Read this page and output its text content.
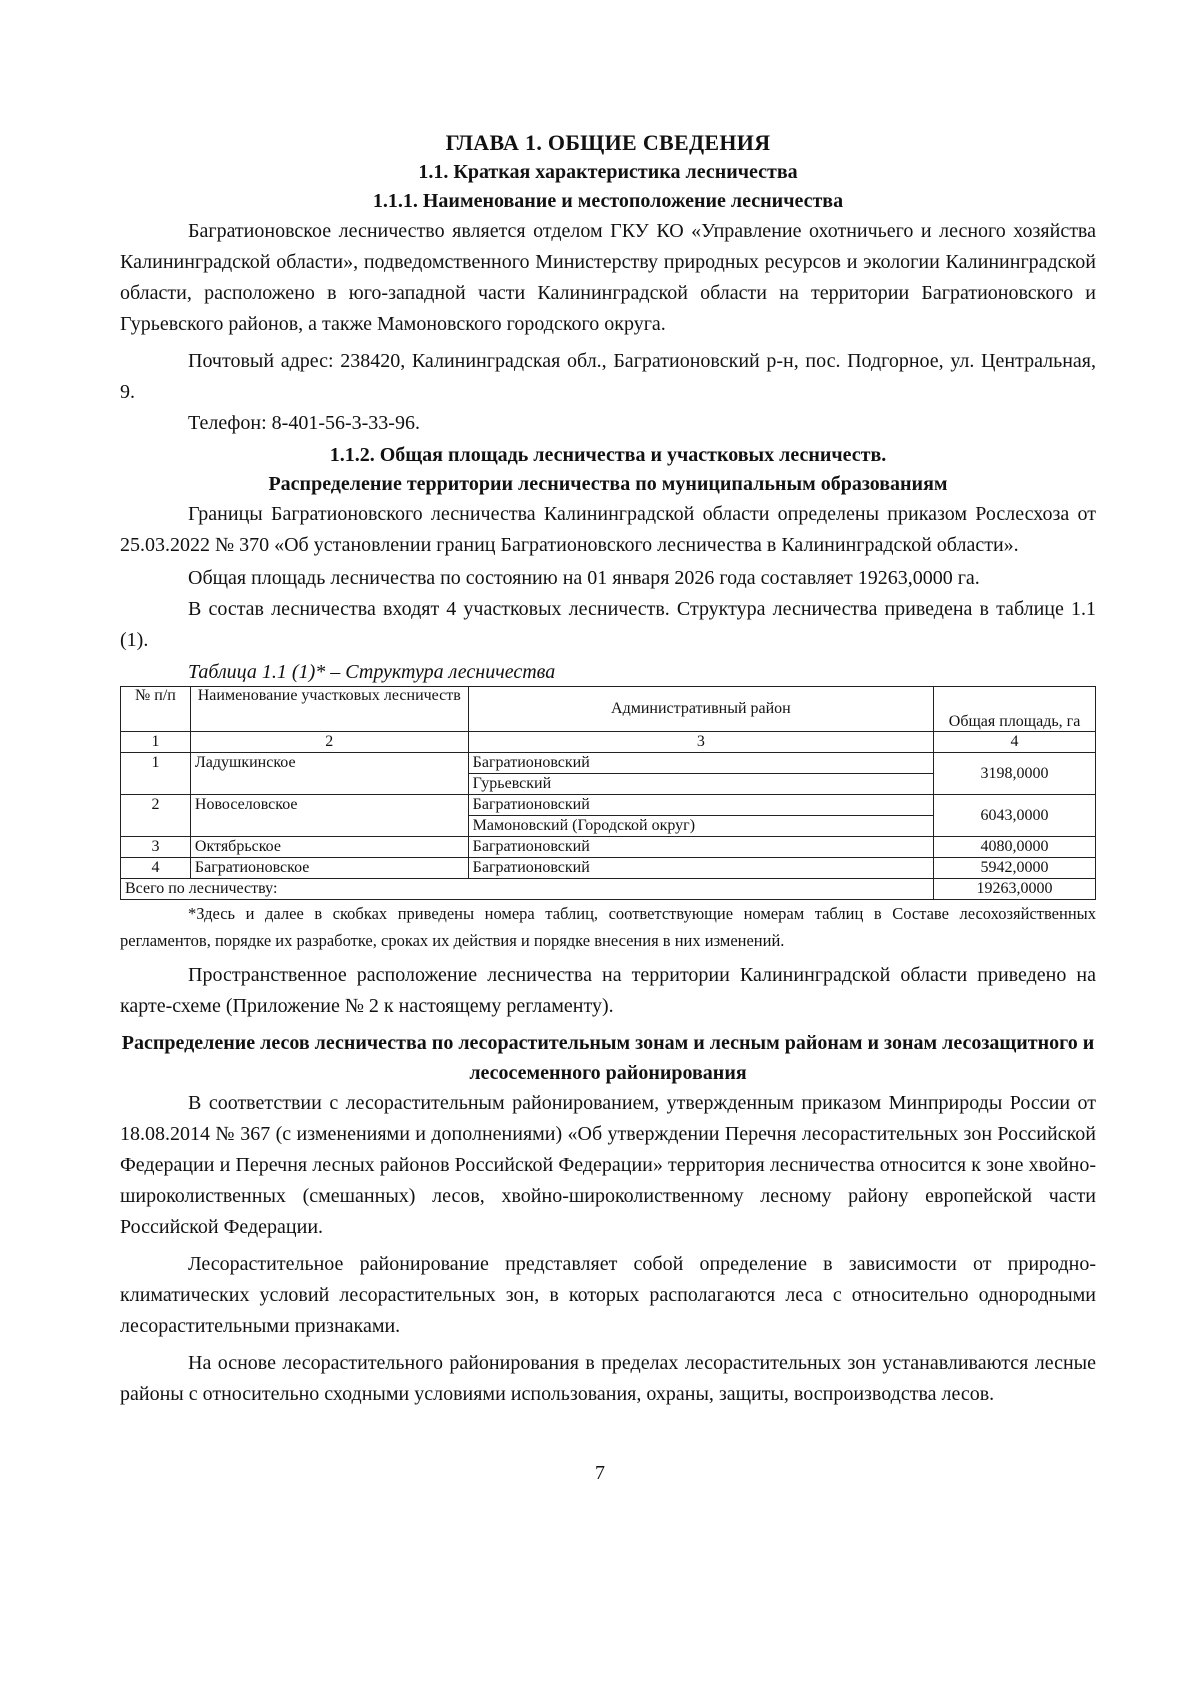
ГЛАВА 1. ОБЩИЕ СВЕДЕНИЯ
1.1. Краткая характеристика лесничества
1.1.1. Наименование и местоположение лесничества

Багратионовское лесничество является отделом ГКУ КО «Управление охотничьего и лесного хозяйства Калининградской области», подведомственного Министерству природных ресурсов и экологии Калининградской области, расположено в юго-западной части Калининградской области на территории Багратионовского и Гурьевского районов, а также Мамоновского городского округа.

Почтовый адрес: 238420, Калининградская обл., Багратионовский р-н, пос. Подгорное, ул. Центральная, 9.

Телефон: 8-401-56-3-33-96.

1.1.2. Общая площадь лесничества и участковых лесничеств.
Распределение территории лесничества по муниципальным образованиям

Границы Багратионовского лесничества Калининградской области определены приказом Рослесхоза от 25.03.2022 № 370 «Об установлении границ Багратионовского лесничества в Калининградской области».

Общая площадь лесничества по состоянию на 01 января 2026 года составляет 19263,0000 га.

В состав лесничества входят 4 участковых лесничеств. Структура лесничества приведена в таблице 1.1 (1).

Таблица 1.1 (1)* – Структура лесничества
№ п/п	Наименование участковых лесничеств	Административный район	Общая площадь, га
1	2	3	4
1	Ладушкинское	Багратионовский	3198,0000
		Гурьевский	
2	Новоселовское	Багратионовский	6043,0000
		Мамоновский (Городской округ)	
3	Октябрьское	Багратионовский	4080,0000
4	Багратионовское	Багратионовский	5942,0000
Всего по лесничеству:			19263,0000

*Здесь и далее в скобках приведены номера таблиц, соответствующие номерам таблиц в Составе лесохозяйственных регламентов, порядке их разработке, сроках их действия и порядке внесения в них изменений.

Пространственное расположение лесничества на территории Калининградской области приведено на карте-схеме (Приложение № 2 к настоящему регламенту).

Распределение лесов лесничества по лесорастительным зонам и лесным районам и зонам лесозащитного и лесосеменного районирования

В соответствии с лесорастительным районированием, утвержденным приказом Минприроды России от 18.08.2014 № 367 (с изменениями и дополнениями) «Об утверждении Перечня лесорастительных зон Российской Федерации и Перечня лесных районов Российской Федерации» территория лесничества относится к зоне хвойно-широколиственных (смешанных) лесов, хвойно-широколиственному лесному району европейской части Российской Федерации.

Лесорастительное районирование представляет собой определение в зависимости от природно-климатических условий лесорастительных зон, в которых располагаются леса с относительно однородными лесорастительными признаками.

На основе лесорастительного районирования в пределах лесорастительных зон устанавливаются лесные районы с относительно сходными условиями использования, охраны, защиты, воспроизводства лесов.

7
